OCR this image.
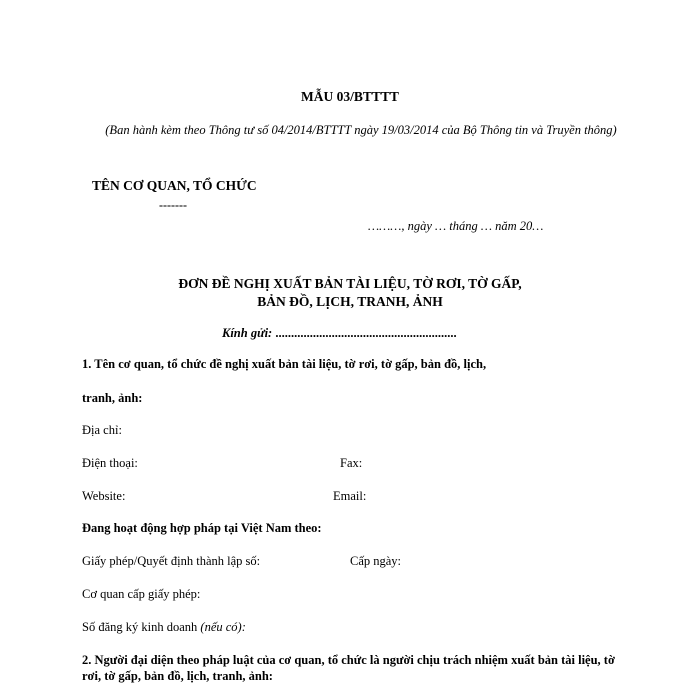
MẪU 03/BTTTT
(Ban hành kèm theo Thông tư số 04/2014/BTTTT ngày 19/03/2014 của Bộ Thông tin và Truyền thông)
TÊN CƠ QUAN, TỔ CHỨC
-------
………, ngày … tháng … năm 20…
ĐƠN ĐỀ NGHỊ XUẤT BẢN TÀI LIỆU, TỜ RƠI, TỜ GẤP,
BẢN ĐỒ, LỊCH, TRANH, ẢNH
Kính gửi: ..........................................................
1. Tên cơ quan, tổ chức đề nghị xuất bản tài liệu, tờ rơi, tờ gấp, bản đồ, lịch,
tranh, ảnh:
Địa chỉ:
Điện thoại:	Fax:
Website:	Email:
Đang hoạt động hợp pháp tại Việt Nam theo:
Giấy phép/Quyết định thành lập số:	Cấp ngày:
Cơ quan cấp giấy phép:
Số đăng ký kinh doanh (nếu có):
2. Người đại diện theo pháp luật của cơ quan, tổ chức là người chịu trách nhiệm xuất bản tài liệu, tờ rơi, tờ gấp, bản đồ, lịch, tranh, ảnh:
